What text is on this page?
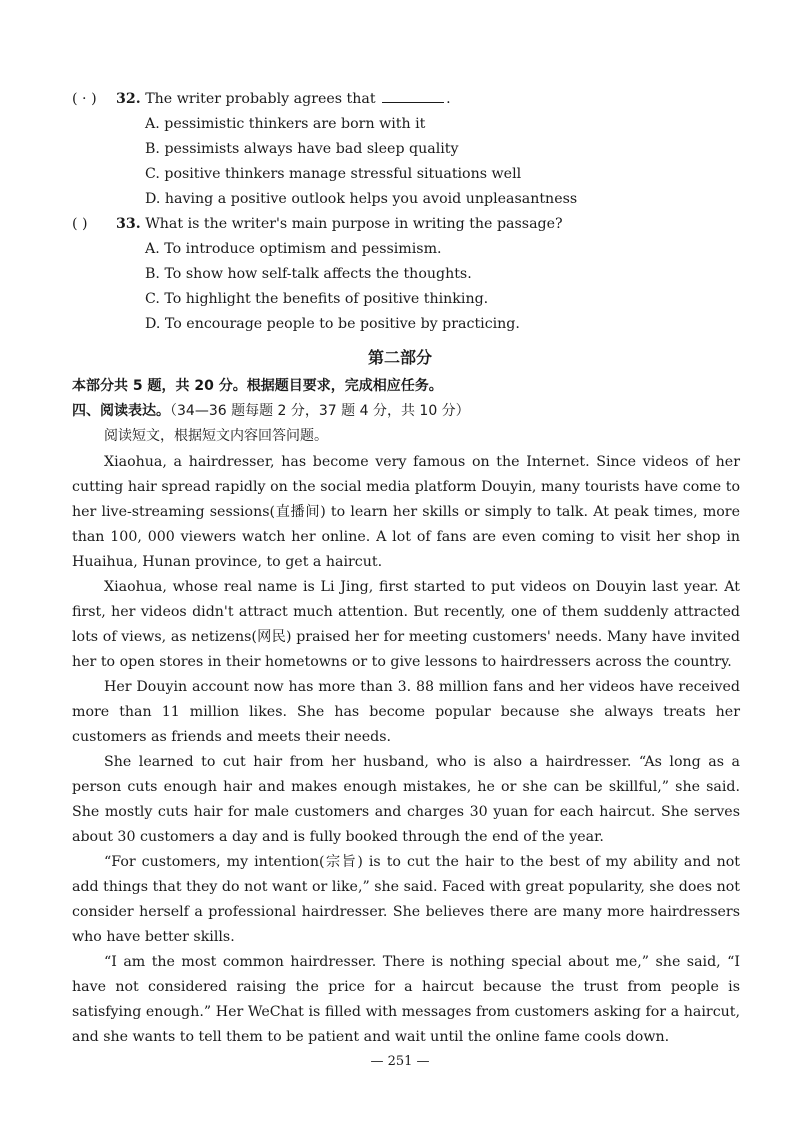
( · ) 32. The writer probably agrees that	.
A. pessimistic thinkers are born with it
B. pessimists always have bad sleep quality
C. positive thinkers manage stressful situations well
D. having a positive outlook helps you avoid unpleasantness
( ) 33. What is the writer's main purpose in writing the passage?
A. To introduce optimism and pessimism.
B. To show how self-talk affects the thoughts.
C. To highlight the benefits of positive thinking.
D. To encourage people to be positive by practicing.
第二部分
本部分共 5 题，共 20 分。根据题目要求，完成相应任务。
四、阅读表达。（34—36 题每题 2 分，37 题 4 分，共 10 分）
阅读短文，根据短文内容回答问题。

Xiaohua, a hairdresser, has become very famous on the Internet. Since videos of her cutting hair spread rapidly on the social media platform Douyin, many tourists have come to her live-streaming sessions(直播间) to learn her skills or simply to talk. At peak times, more than 100, 000 viewers watch her online. A lot of fans are even coming to visit her shop in Huaihua, Hunan province, to get a haircut.

Xiaohua, whose real name is Li Jing, first started to put videos on Douyin last year. At first, her videos didn't attract much attention. But recently, one of them suddenly attracted lots of views, as netizens(网民) praised her for meeting customers' needs. Many have invited her to open stores in their hometowns or to give lessons to hairdressers across the country.

Her Douyin account now has more than 3. 88 million fans and her videos have received more than 11 million likes. She has become popular because she always treats her customers as friends and meets their needs.

She learned to cut hair from her husband, who is also a hairdresser. “As long as a person cuts enough hair and makes enough mistakes, he or she can be skillful,” she said. She mostly cuts hair for male customers and charges 30 yuan for each haircut. She serves about 30 customers a day and is fully booked through the end of the year.

“For customers, my intention(宗旨) is to cut the hair to the best of my ability and not add things that they do not want or like,” she said. Faced with great popularity, she does not consider herself a professional hairdresser. She believes there are many more hairdressers who have better skills.

“I am the most common hairdresser. There is nothing special about me,” she said, “I have not considered raising the price for a haircut because the trust from people is satisfying enough.” Her WeChat is filled with messages from customers asking for a haircut, and she wants to tell them to be patient and wait until the online fame cools down.

— 251 —
